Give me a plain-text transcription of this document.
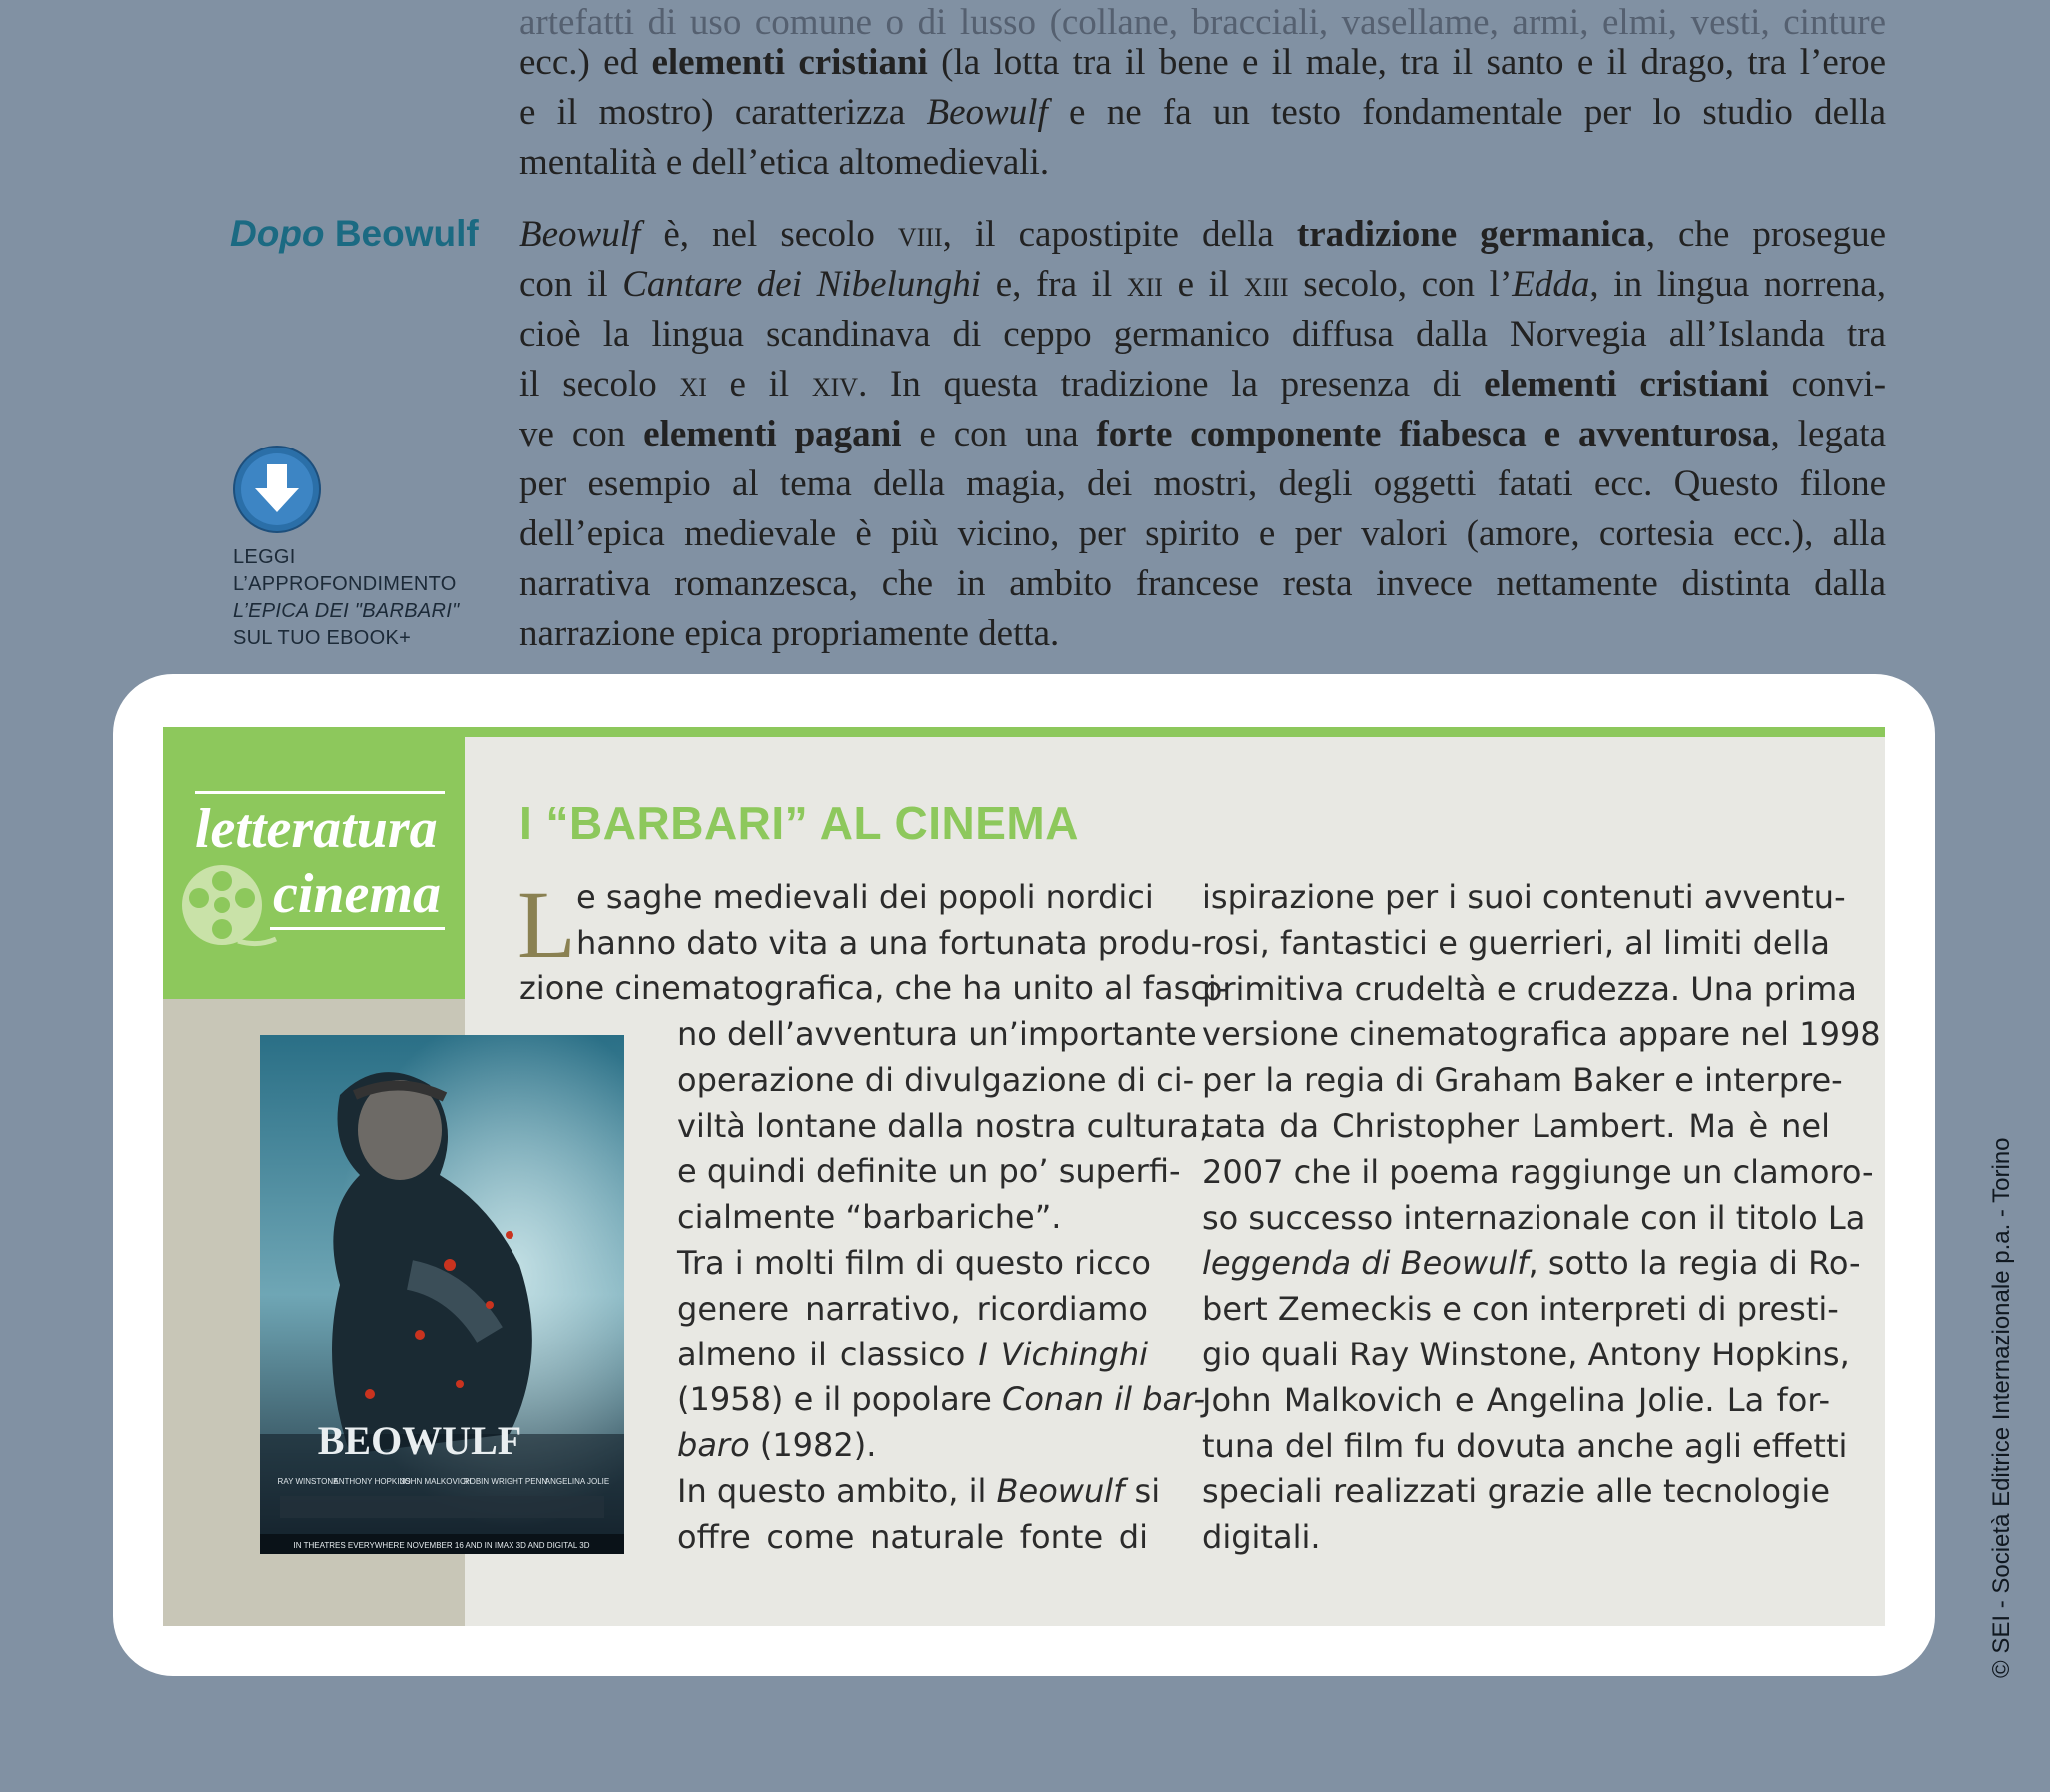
artefatti di uso comune o di lusso (collane, bracciali, vasellame, armi, elmi, vesti, cinture
ecc.) ed elementi cristiani (la lotta tra il bene e il male, tra il santo e il drago, tra l’eroe
e il mostro) caratterizza Beowulf e ne fa un testo fondamentale per lo studio della
mentalità e dell’etica altomedievali.
Dopo Beowulf Beowulf è, nel secolo viii, il capostipite della tradizione germanica, che prosegue
con il Cantare dei Nibelunghi e, fra il xii e il xiii secolo, con l’Edda, in lingua norrena,
cioè la lingua scandinava di ceppo germanico diffusa dalla Norvegia all’Islanda tra
il secolo xi e il xiv. In questa tradizione la presenza di elementi cristiani convi-
ve con elementi pagani e con una forte componente fiabesca e avventurosa, legata
per esempio al tema della magia, dei mostri, degli oggetti fatati ecc. Questo filone
dell’epica medievale è più vicino, per spirito e per valori (amore, cortesia ecc.), alla
narrativa romanzesca, che in ambito francese resta invece nettamente distinta dalla
narrazione epica propriamente detta.
LEGGI
L’APPROFONDIMENTO
L’EPICA DEI "BARBARI"
SUL TUO EBOOK+
letteratura
cinema
I “BARBARI” AL CINEMA
L e saghe medievali dei popoli nordici
hanno dato vita a una fortunata produ-
zione cinematografica, che ha unito al fasci-
no dell’avventura un’importante
operazione di divulgazione di ci-
viltà lontane dalla nostra cultura,
e quindi definite un po’ superfi-
cialmente “barbariche”.
Tra i molti film di questo ricco
genere narrativo, ricordiamo
almeno il classico I Vichinghi
(1958) e il popolare Conan il bar-
baro (1982).
In questo ambito, il Beowulf si
offre come naturale fonte di
ispirazione per i suoi contenuti avventu-
rosi, fantastici e guerrieri, al limiti della
primitiva crudeltà e crudezza. Una prima
versione cinematografica appare nel 1998
per la regia di Graham Baker e interpre-
tata da Christopher Lambert. Ma è nel
2007 che il poema raggiunge un clamoro-
so successo internazionale con il titolo La
leggenda di Beowulf, sotto la regia di Ro-
bert Zemeckis e con interpreti di presti-
gio quali Ray Winstone, Antony Hopkins,
John Malkovich e Angelina Jolie. La for-
tuna del film fu dovuta anche agli effetti
speciali realizzati grazie alle tecnologie
digitali.
BEOWULF
RAY WINSTONE
ANTHONY HOPKINS
JOHN MALKOVICH
ROBIN WRIGHT PENN
ANGELINA JOLIE
IN THEATRES EVERYWHERE NOVEMBER 16 AND IN IMAX 3D AND DIGITAL 3D	© SEI - Società Editrice Internazionale p.a. - Torino
